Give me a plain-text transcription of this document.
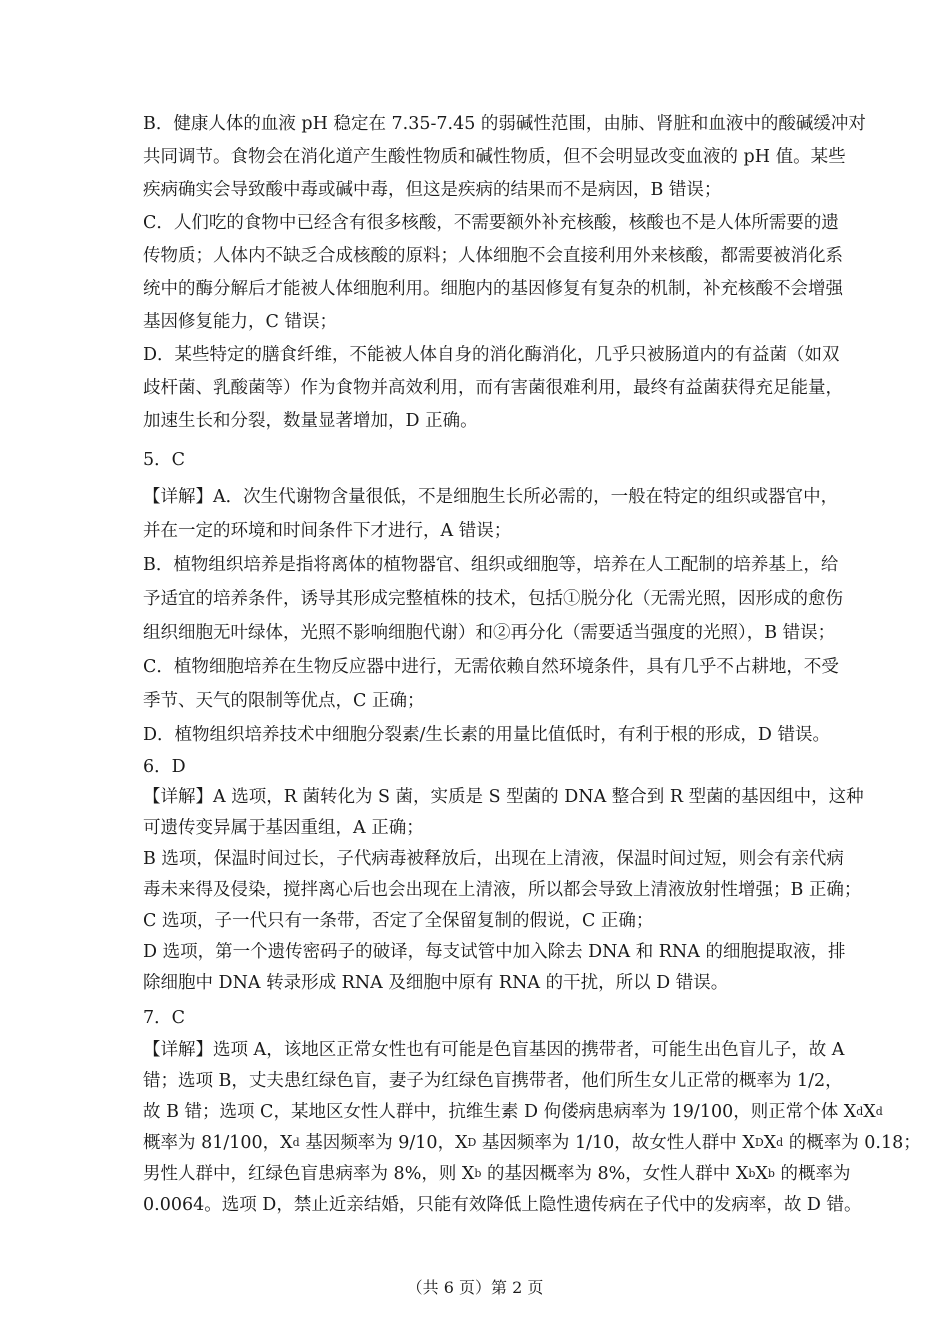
B．健康人体的血液 pH 稳定在 7.35-7.45 的弱碱性范围，由肺、肾脏和血液中的酸碱缓冲对
共同调节。食物会在消化道产生酸性物质和碱性物质，但不会明显改变血液的 pH 值。某些
疾病确实会导致酸中毒或碱中毒，但这是疾病的结果而不是病因，B 错误；
C．人们吃的食物中已经含有很多核酸，不需要额外补充核酸，核酸也不是人体所需要的遗
传物质；人体内不缺乏合成核酸的原料；人体细胞不会直接利用外来核酸，都需要被消化系
统中的酶分解后才能被人体细胞利用。细胞内的基因修复有复杂的机制，补充核酸不会增强
基因修复能力，C 错误；
D．某些特定的膳食纤维，不能被人体自身的消化酶消化，几乎只被肠道内的有益菌（如双
歧杆菌、乳酸菌等）作为食物并高效利用，而有害菌很难利用，最终有益菌获得充足能量，
加速生长和分裂，数量显著增加，D 正确。
5．C
【详解】A．次生代谢物含量很低，不是细胞生长所必需的，一般在特定的组织或器官中，
并在一定的环境和时间条件下才进行，A 错误；
B．植物组织培养是指将离体的植物器官、组织或细胞等，培养在人工配制的培养基上，给
予适宜的培养条件，诱导其形成完整植株的技术，包括①脱分化（无需光照，因形成的愈伤
组织细胞无叶绿体，光照不影响细胞代谢）和②再分化（需要适当强度的光照），B 错误；
C．植物细胞培养在生物反应器中进行，无需依赖自然环境条件，具有几乎不占耕地，不受
季节、天气的限制等优点，C 正确；
D．植物组织培养技术中细胞分裂素/生长素的用量比值低时，有利于根的形成，D 错误。
6．D
【详解】A 选项，R 菌转化为 S 菌，实质是 S 型菌的 DNA 整合到 R 型菌的基因组中，这种
可遗传变异属于基因重组，A 正确；
B 选项，保温时间过长，子代病毒被释放后，出现在上清液，保温时间过短，则会有亲代病
毒未来得及侵染，搅拌离心后也会出现在上清液，所以都会导致上清液放射性增强；B 正确；
C 选项，子一代只有一条带，否定了全保留复制的假说，C 正确；
D 选项，第一个遗传密码子的破译，每支试管中加入除去 DNA 和 RNA 的细胞提取液，排
除细胞中 DNA 转录形成 RNA 及细胞中原有 RNA 的干扰，所以 D 错误。
7．C
【详解】选项 A，该地区正常女性也有可能是色盲基因的携带者，可能生出色盲儿子，故 A
错；选项 B，丈夫患红绿色盲，妻子为红绿色盲携带者，他们所生女儿正常的概率为 1/2，
故 B 错；选项 C，某地区女性人群中，抗维生素 D 佝偻病患病率为 19/100，则正常个体 $X^dX^d$
概率为 81/100，$X^d$ 基因频率为 9/10，$X^D$ 基因频率为 1/10，故女性人群中 $X^DX^d$ 的概率为 0.18；
男性人群中，红绿色盲患病率为 8%，则 $X^b$ 的基因概率为 8%，女性人群中 $X^bX^b$ 的概率为
0.0064。选项 D，禁止近亲结婚，只能有效降低上隐性遗传病在子代中的发病率，故 D 错。
（共 6 页）第 2 页
